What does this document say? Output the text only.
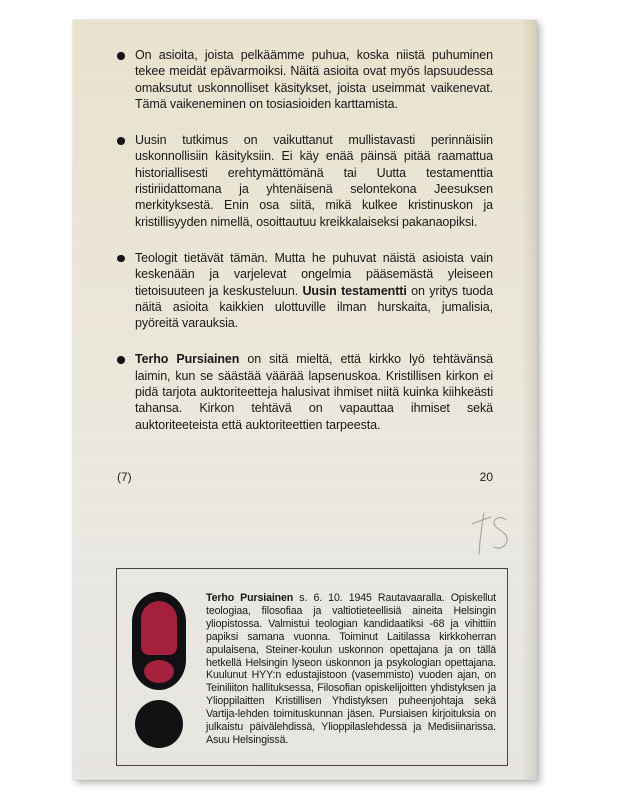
On asioita, joista pelkäämme puhua, koska niistä puhuminen tekee meidät epävarmoiksi. Näitä asioita ovat myös lapsuudessa omaksutut uskonnolliset käsitykset, joista useimmat vaikenevat. Tämä vaikeneminen on tosiasioiden karttamista.

Uusin tutkimus on vaikuttanut mullistavasti perinnäisiin uskonnollisiin käsityksiin. Ei käy enää päinsä pitää raamattua historiallisesti erehtymättömänä tai Uutta testamenttia ristiriidattomana ja yhtenäisenä selontekona Jeesuksen merkityksestä. Enin osa siitä, mikä kulkee kristinuskon ja kristillisyyden nimellä, osoittautuu kreikkalaiseksi pakanaopiksi.

Teologit tietävät tämän. Mutta he puhuvat näistä asioista vain keskenään ja varjelevat ongelmia pääsemästä yleiseen tietoisuuteen ja keskusteluun. Uusin testamentti on yritys tuoda näitä asioita kaikkien ulottuville ilman hurskaita, jumalisia, pyöreitä varauksia.

Terho Pursiainen on sitä mieltä, että kirkko lyö tehtävänsä laimin, kun se säästää väärää lapsenuskoa. Kristillisen kirkon ei pidä tarjota auktoriteetteja halusivat ihmiset niitä kuinka kiihkeästi tahansa. Kirkon tehtävä on vapauttaa ihmiset sekä auktoriteeteista että auktoriteettien tarpeesta.

(7)	20
Terho Pursiainen s. 6. 10. 1945 Rautavaaralla. Opiskellut teologiaa, filosofiaa ja valtiotieteellisiä aineita Helsingin yliopistossa. Valmistui teologian kandidaatiksi -68 ja vihittiin papiksi samana vuonna. Toiminut Laitilassa kirkkoherran apulaisena, Steiner-koulun uskonnon opettajana ja on tällä hetkellä Helsingin lyseon uskonnon ja psykologian opettajana. Kuulunut HYY:n edustajistoon (vasemmisto) vuoden ajan, on Teiniliiton hallituksessa, Filosofian opiskelijoitten yhdistyksen ja Ylioppilaitten Kristillisen Yhdistyksen puheenjohtaja sekä Vartija-lehden toimituskunnan jäsen. Pursiaisen kirjoituksia on julkaistu päivälehdissä, Ylioppilaslehdessä ja Medisiinarissa. Asuu Helsingissä.
